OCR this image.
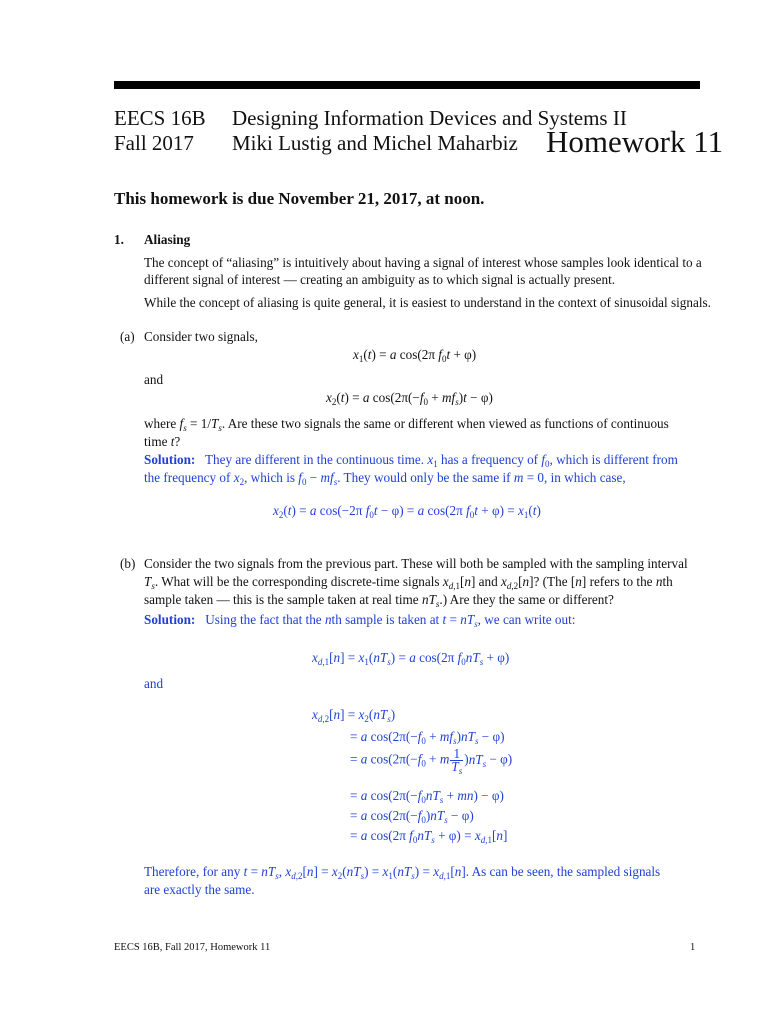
EECS 16B
Fall 2017
Designing Information Devices and Systems II
Miki Lustig and Michel Maharbiz Homework 11
This homework is due November 21, 2017, at noon.
1. Aliasing
The concept of “aliasing” is intuitively about having a signal of interest whose samples look identical to a
different signal of interest — creating an ambiguity as to which signal is actually present.
While the concept of aliasing is quite general, it is easiest to understand in the context of sinusoidal signals.
(a) Consider two signals,
$x_1(t) = a$ cos(2π $f_0t + \varphi$)
and
$x_2(t) = a$ $\cos(2\pi(-f_0 + mf_s)t - \varphi)$
where $f_s = 1/T_s$. Are these two signals the same or different when viewed as functions of continuous
time t?
Solution: They are different in the continuous time. $x_1$ has a frequency of $f_0$, which is different from
the frequency of $x_2$, which is $f_0 - mf_s$. They would only be the same if m = 0, in which case,
$x_2(t) = a$ cos(−2π $f_0t - \varphi) = a$ cos(2π $f_0t + \varphi) = x_1(t)$
(b) Consider the two signals from the previous part. These will both be sampled with the sampling interval
$T_s$. What will be the corresponding discrete-time signals $x_{d,1}[n]$ and $x_{d,2}[n]$? (The [n] refers to the nth
sample taken — this is the sample taken at real time $nT_s$.) Are they the same or different?
Solution: Using the fact that the nth sample is taken at $t = nT_s$, we can write out:
$x_{d,1}[n] = x_1(nT_s) = a$ cos(2π $f_0nT_s + \varphi$)
and
$x_{d,2}[n] = x_2(nT_s)$
= a $\cos(2\pi(-f_0 + mf_s)nT_s - \varphi)$
= a $\cos(2\pi(-f_0 + m \frac{1}{T_s} )nT_s - \varphi)$
= a $\cos(2\pi(-f_0nT_s + mn) - \varphi)$
= a $\cos(2\pi(-f_0)nT_s - \varphi)$
= a cos(2π $f_0nT_s + \varphi) = x_{d,1}[n]$
Therefore, for any $t = nT_s$, $x_{d,2}[n] = x_2(nT_s) = x_1(nT_s) = x_{d,1}[n]$. As can be seen, the sampled signals
are exactly the same.
EECS 16B, Fall 2017, Homework 11	1
